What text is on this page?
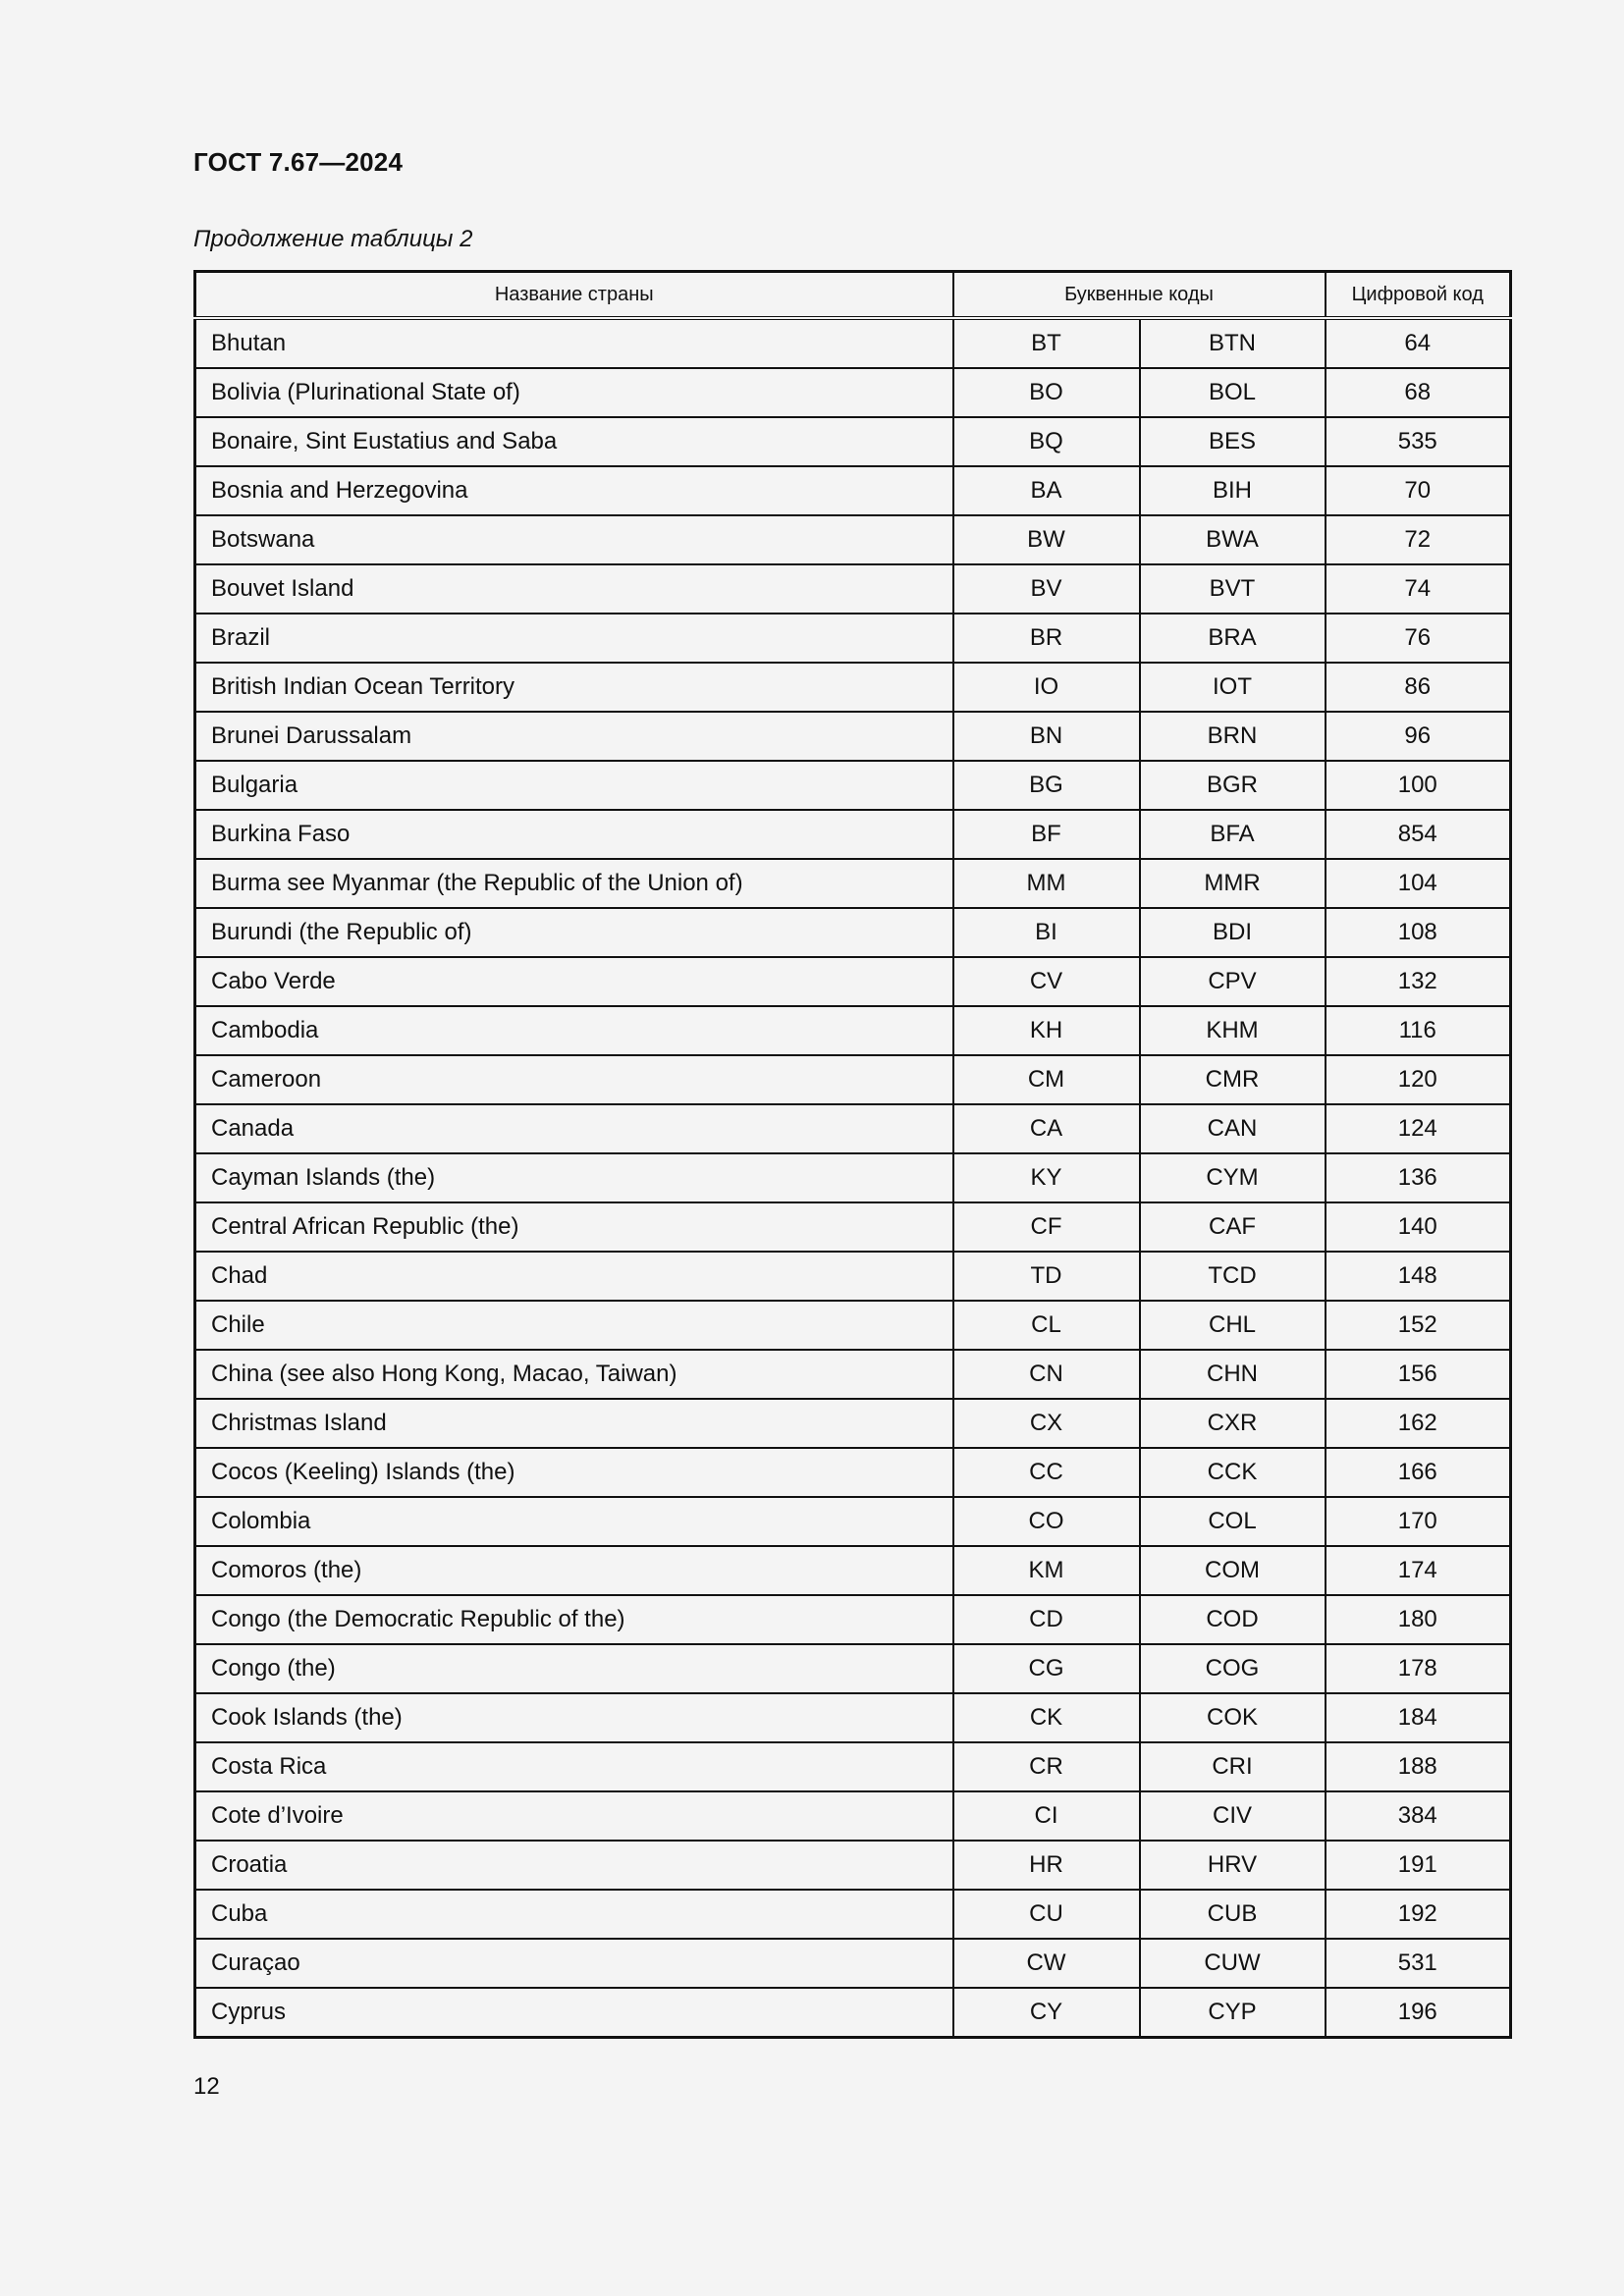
ГОСТ 7.67—2024
Продолжение таблицы 2
Название страны	Буквенные коды		Цифровой код
Bhutan	BT	BTN	64
Bolivia (Plurinational State of)	BO	BOL	68
Bonaire, Sint Eustatius and Saba	BQ	BES	535
Bosnia and Herzegovina	BA	BIH	70
Botswana	BW	BWA	72
Bouvet Island	BV	BVT	74
Brazil	BR	BRA	76
British Indian Ocean Territory	IO	IOT	86
Brunei Darussalam	BN	BRN	96
Bulgaria	BG	BGR	100
Burkina Faso	BF	BFA	854
Burma see Myanmar (the Republic of the Union of)	MM	MMR	104
Burundi (the Republic of)	BI	BDI	108
Cabo Verde	CV	CPV	132
Cambodia	KH	KHM	116
Cameroon	CM	CMR	120
Canada	CA	CAN	124
Cayman Islands (the)	KY	CYM	136
Central African Republic (the)	CF	CAF	140
Chad	TD	TCD	148
Chile	CL	CHL	152
China (see also Hong Kong, Macao, Taiwan)	CN	CHN	156
Christmas Island	CX	CXR	162
Cocos (Keeling) Islands (the)	CC	CCK	166
Colombia	CO	COL	170
Comoros (the)	KM	COM	174
Congo (the Democratic Republic of the)	CD	COD	180
Congo (the)	CG	COG	178
Cook Islands (the)	CK	COK	184
Costa Rica	CR	CRI	188
Cote d’Ivoire	CI	CIV	384
Croatia	HR	HRV	191
Cuba	CU	CUB	192
Curaçao	CW	CUW	531
Cyprus	CY	CYP	196
12
